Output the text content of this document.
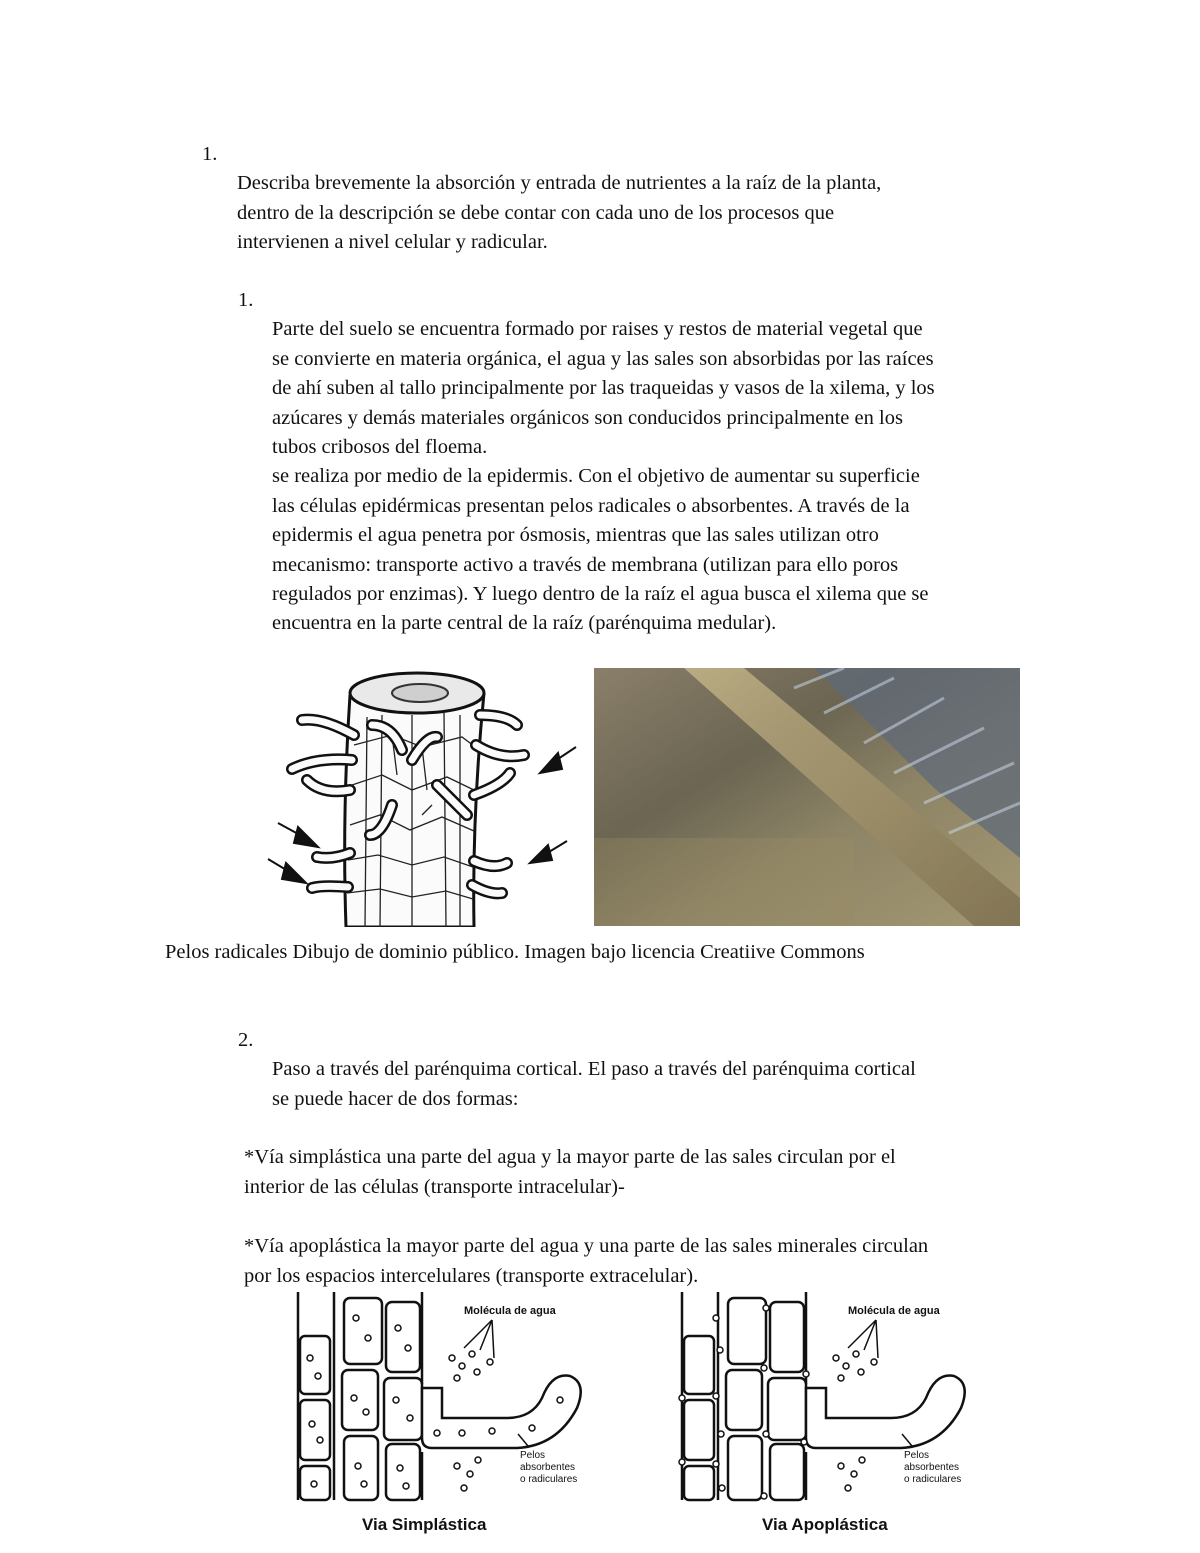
1.

Describa brevemente la absorción y entrada de nutrientes a la raíz de la planta,
dentro de la descripción se debe contar con cada uno de los procesos que
intervienen a nivel celular y radicular.

1.

Parte del suelo se encuentra formado por raises y restos de material vegetal que
se convierte en materia orgánica, el agua y las sales son absorbidas por las raíces
de ahí suben al tallo principalmente por las traqueidas y vasos de la xilema, y los
azúcares y demás materiales orgánicos son conducidos principalmente en los
tubos cribosos del floema.
se realiza por medio de la epidermis. Con el objetivo de aumentar su superficie
las células epidérmicas presentan pelos radicales o absorbentes. A través de la
epidermis el agua penetra por ósmosis, mientras que las sales utilizan otro
mecanismo: transporte activo a través de membrana (utilizan para ello poros
regulados por enzimas). Y luego dentro de la raíz el agua busca el xilema que se
encuentra en la parte central de la raíz (parénquima medular).

Pelos radicales Dibujo de dominio público. Imagen bajo licencia Creatiive Commons
2.

Paso a través del parénquima cortical. El paso a través del parénquima cortical
se puede hacer de dos formas:

*Vía simplástica una parte del agua y la mayor parte de las sales circulan por el
interior de las células (transporte intracelular)-

*Vía apoplástica la mayor parte del agua y una parte de las sales minerales circulan
por los espacios intercelulares (transporte extracelular).

Molécula de agua
Pelos
absorbentes
o radiculares
Via Simplástica
Molécula de agua
Pelos
absorbentes
o radiculares
Via Apoplástica
